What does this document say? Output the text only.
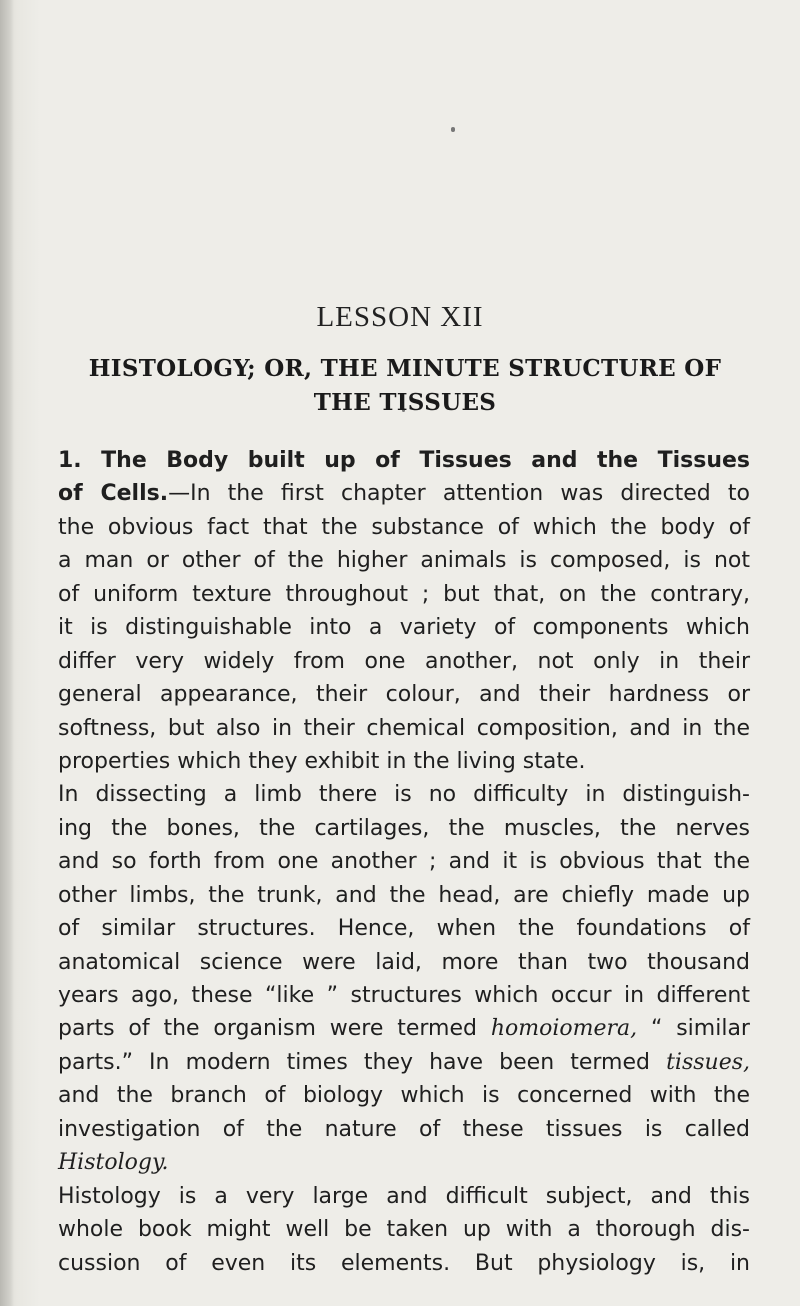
LESSON XII
HISTOLOGY; OR, THE MINUTE STRUCTURE OF
THE TISSUES
1. The Body built up of Tissues and the Tissues
of Cells.—In the first chapter attention was directed to
the obvious fact that the substance of which the body of
a man or other of the higher animals is composed, is not
of uniform texture throughout ; but that, on the contrary,
it is distinguishable into a variety of components which
differ very widely from one another, not only in their
general appearance, their colour, and their hardness or
softness, but also in their chemical composition, and in the
properties which they exhibit in the living state.
In dissecting a limb there is no difficulty in distinguish-
ing the bones, the cartilages, the muscles, the nerves
and so forth from one another ; and it is obvious that the
other limbs, the trunk, and the head, are chiefly made up
of similar structures. Hence, when the foundations of
anatomical science were laid, more than two thousand
years ago, these “like ” structures which occur in different
parts of the organism were termed homoiomera, “ similar
parts.” In modern times they have been termed tissues,
and the branch of biology which is concerned with the
investigation of the nature of these tissues is called
Histology.
Histology is a very large and difficult subject, and this
whole book might well be taken up with a thorough dis-
cussion of even its elements. But physiology is, in
